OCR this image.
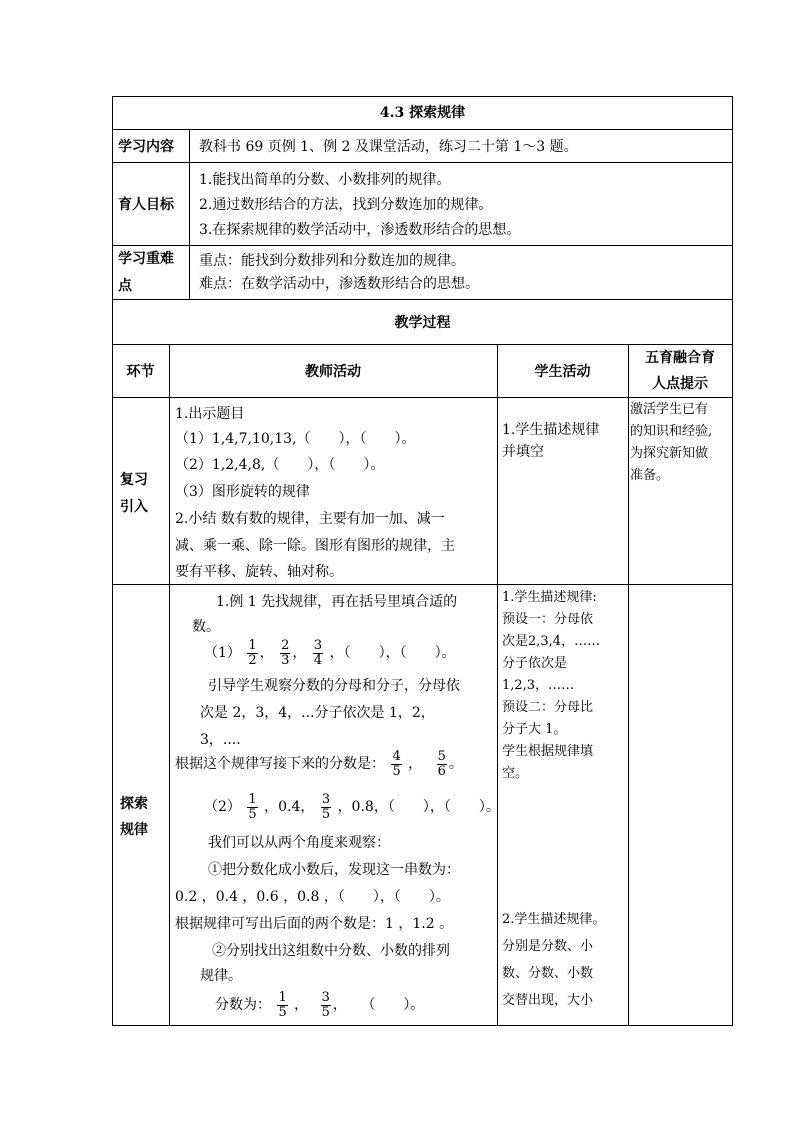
4.3 探索规律
学习内容 教科书 69 页例 1、例 2 及课堂活动，练习二十第 1～3 题。
育人目标
1.能找出简单的分数、小数排列的规律。
2.通过数形结合的方法，找到分数连加的规律。
3.在探索规律的数学活动中，渗透数形结合的思想。
学习重难
点
重点：能找到分数排列和分数连加的规律。
难点：在数学活动中，渗透数形结合的思想。
教学过程
环节	教师活动	学生活动
五育融合育
人点提示
复习
引入
1.出示题目
（1）1,4,7,10,13,（　　），（　　）。
（2）1,2,4,8,（　　），（　　）。
（3）图形旋转的规律
2.小结 数有数的规律，主要有加一加、减一
减、乘一乘、除一除。图形有图形的规律，主
要有平移、旋转、轴对称。
1.学生描述规律
并填空
激活学生已有
的知识和经验,
为探究新知做
准备。
探索
规律
1.例 1 先找规律，再在括号里填合适的
数。
$(1) \frac{1}{2}$ ， $\frac{2}{3}$ ， $\frac{3}{4}$ ，（　　），（　　）。
引导学生观察分数的分母和分子，分母依
次是 2，3，4，...分子依次是 1，2，
3，....
根据这个规律写接下来的分数是： $\frac{4}{5}$ ， $\frac{5}{6}$ 。
$(2) \frac{1}{5}$ ，0.4， $\frac{3}{5}$ ，0.8，（　　），（　　）。
我们可以从两个角度来观察：
①把分数化成小数后，发现这一串数为：
0.2 ，0.4 ，0.6 ，0.8 ，（　　），（　　）。
根据规律可写出后面的两个数是：1 ，1.2 。
②分别找出这组数中分数、小数的排列
规律。
分数为： $\frac{1}{5}$ ， $\frac{3}{5}$ ， （　　）。
1.学生描述规律:
预设一：分母依
次是2,3,4，……
分子依次是
1,2,3，……
预设二：分母比
分子大 1。
学生根据规律填
空。
2.学生描述规律。
分别是分数、小
数、分数、小数
交替出现，大小
